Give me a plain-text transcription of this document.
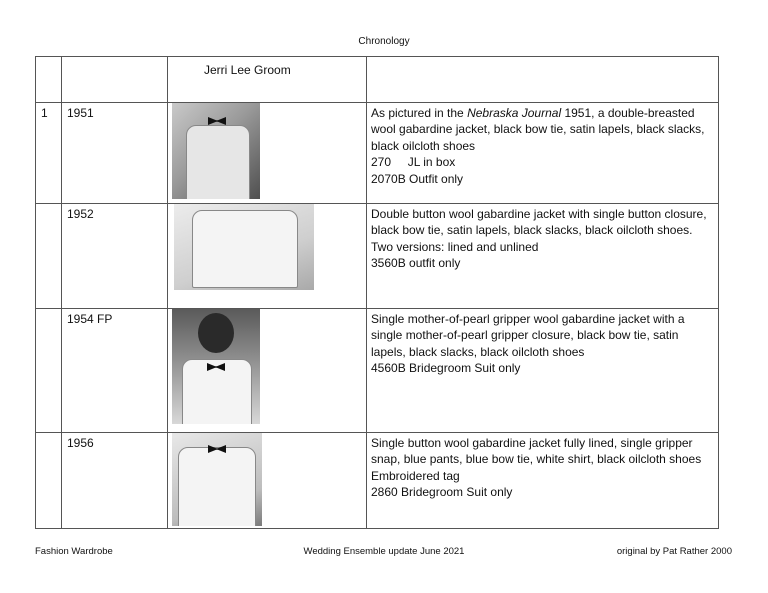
Chronology
		Jerri Lee Groom	
1	1951		As pictured in the Nebraska Journal 1951, a double-breasted wool gabardine jacket, black bow tie, satin lapels, black slacks, black oilcloth shoes
270     JL in box
2070B Outfit only

	1952		Double button wool gabardine jacket with single button closure, black bow tie, satin lapels, black slacks, black oilcloth shoes. Two versions: lined and unlined
3560B outfit only

	1954 FP		Single mother-of-pearl gripper wool gabardine jacket with a single mother-of-pearl gripper closure, black bow tie, satin lapels, black slacks, black oilcloth shoes
4560B Bridegroom Suit only

	1956		Single button wool gabardine jacket fully lined, single gripper snap, blue pants, blue bow tie, white shirt, black oilcloth shoes
Embroidered tag
2860 Bridegroom Suit only
Fashion Wardrobe	Wedding Ensemble update June 2021	original by Pat Rather 2000
